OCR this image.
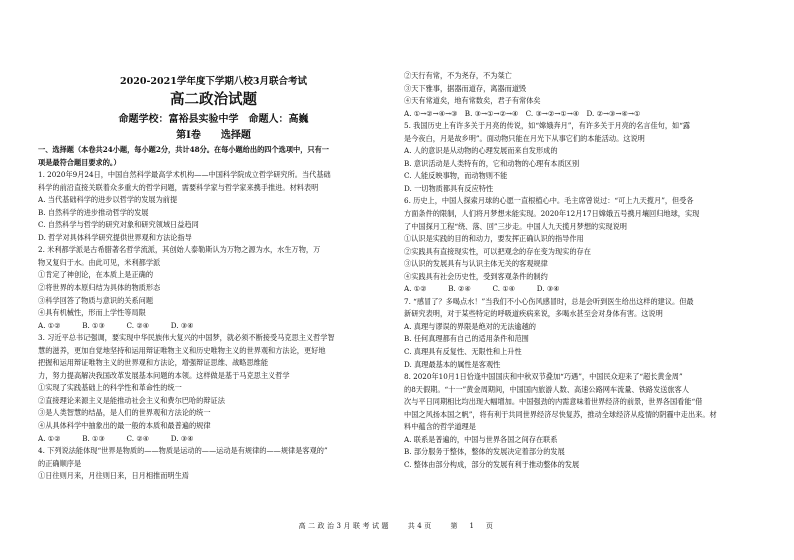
2020-2021学年度下学期八校3月联合考试
高二政治试题
命题学校：富裕县实验中学　命题人：高巍
第Ⅰ卷　　选择题
一、选择题（本卷共24小题，每小题2分，共计48分。在每小题给出的四个选项中，只有一
项是最符合题目要求的。）
1. 2020年9月24日，中国自然科学最高学术机构——中国科学院成立哲学研究所。当代基础
科学的前沿直接关联着众多重大的哲学问题，需要科学家与哲学家来携手推进。材料表明
A. 当代基础科学的进步以哲学的发展为前提
B. 自然科学的进步推动哲学的发展
C. 自然科学与哲学的研究对象和研究领域日益趋同
D. 哲学对具体科学研究提供世界观和方法论指导
2. 米利都学派是古希腊著名哲学流派，其创始人泰勒斯认为万物之源为水，水生万物，万
物又复归于水。由此可见，米利都学派
①肯定了神创论，在本质上是正确的
②将世界的本原归结为具体的物质形态
③科学回答了物质与意识的关系问题
④具有机械性，形而上学性等局限
A. ①②　　　B. ①③　　　C. ②④　　　D. ③④
3. 习近平总书记强调，要实现中华民族伟大复兴的中国梦，就必须不断接受马克思主义哲学智
慧的滋养，更加自觉地坚持和运用辩证唯物主义和历史唯物主义的世界观和方法论，更好地
把握和运用辩证唯物主义的世界观和方法论，增强辩证思维、战略思维能
力，努力提高解决我国改革发展基本问题的本领。这样做是基于马克思主义哲学
①实现了实践基础上的科学性和革命性的统一
②直接理论来源主义是能推动社会主义和费尔巴哈的辩证法
③是人类智慧的结晶，是人们的世界观和方法论的统一
④从具体科学中抽象出的最一般的本质和最普遍的规律
A. ①②　　　B. ①③　　　C. ②④　　　D. ③④
4. 下列说法能体现“世界是物质的——物质是运动的——运动是有规律的——规律是客观的”
的正确顺序是
①日往则月来，月往则日来，日月相推而明生焉
②天行有常，不为尧存，不为桀亡
③天下雅事，据器而道存，离器而道毁
④天有常道矣，地有常数矣，君子有常体矣
A. ①→②→④→③　B. ③→①→②→④　C. ③→②→①→④　D. ②→③→④→①
5. 我国历史上有许多关于月亮的传说，如“嫦娥奔月”，有许多关于月亮的名言佳句，如“露
是今夜白，月是故乡明”。面动物只能在月光下从事它们的本能活动。这说明
A. 人的意识是从动物的心理发展而来自发形成的
B. 意识活动是人类特有的，它和动物的心理有本质区别
C. 人能反映事物，而动物则不能
D. 一切物质都具有反应特性
6. 历史上，中国人探索月球的心愿一直根植心中。毛主席曾说过：“可上九天揽月”，但受各
方面条件的限制，人们将月梦想未能实现。2020年12月17日嫦娥五号携月壤回归地球，实现
了中国探月工程“绕、落、回”三步走。中国人九天揽月梦想的实现说明
①认识是实践的目的和动力，要发挥正确认识的指导作用
②实践具有直接现实性，可以把观念的存在变为现实的存在
③认识的发展具有与认识主体无关的客观规律
④实践具有社会历史性，受到客观条件的制约
A. ①②　　　B. ②④　　　C. ①④　　　D. ③④
7. “感冒了？多喝点水！”当我们不小心伤风感冒时，总是会听到医生给出这样的建议。但最
新研究表明，对于某些特定的呼吸道疾病来说，多喝水甚至会对身体有害。这说明
A. 真理与谬误的界限是绝对的无法逾越的
B. 任何真理都有自己的适用条件和范围
C. 真理具有反复性、无限性和上升性
D. 真理最基本的属性是客观性
8. 2020年10月1日恰逢中国国庆和中秋双节叠加“巧遇”，中国民众迎来了“超长黄金周”
的8天假期。“十一”黄金周期间，中国国内旅游人数、高速公路网车流量、铁路发送旅客人
次与平日同期相比均出现大幅增加。中国强劲的内需意味着世界经济的前景，世界各国看能“借
中国之风扬本国之帆”，将有利于共同世界经济尽快复苏，推动全球经济从疫情的阴霾中走出来。材
料中蕴含的哲学道理是
A. 联系是普遍的，中国与世界各国之间存在联系
B. 部分服务于整体，整体的发展决定着部分的发展
C. 整体由部分构成，部分的发展有利于推动整体的发展
高二政治3月联考试题 共4页 第　1　页
